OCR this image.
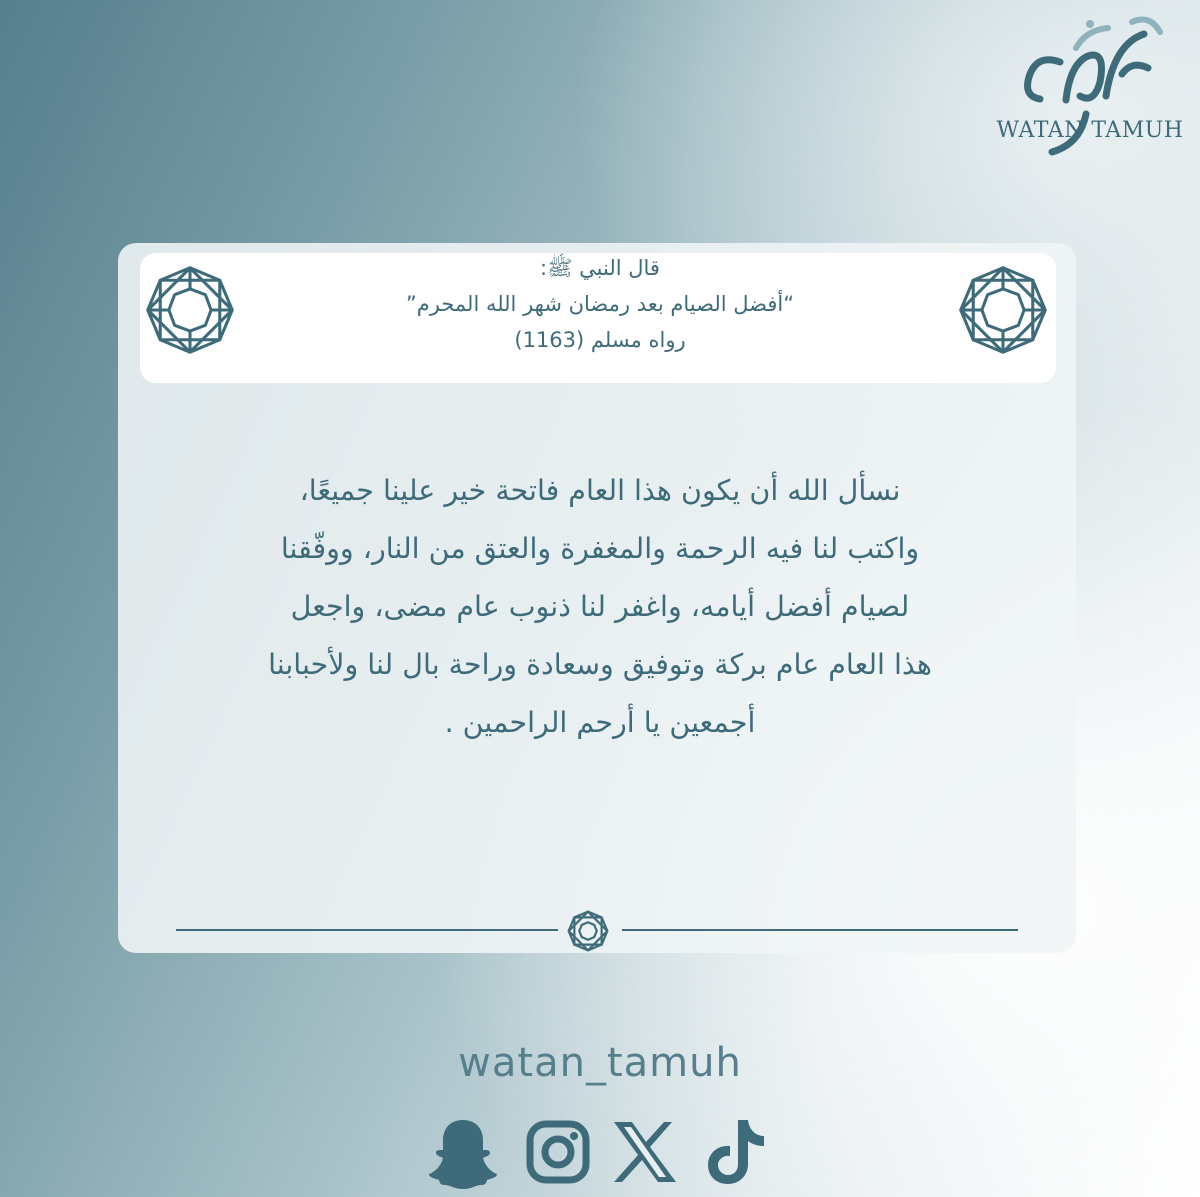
WATAN TAMUH
قال النبي ﷺ:
“أفضل الصيام بعد رمضان شهر الله المحرم”
رواه مسلم (1163)
نسأل الله أن يكون هذا العام فاتحة خير علينا جميعًا،
واكتب لنا فيه الرحمة والمغفرة والعتق من النار، ووفّقنا
لصيام أفضل أيامه، واغفر لنا ذنوب عام مضى، واجعل
هذا العام عام بركة وتوفيق وسعادة وراحة بال لنا ولأحبابنا
أجمعين يا أرحم الراحمين .
watan_tamuh
